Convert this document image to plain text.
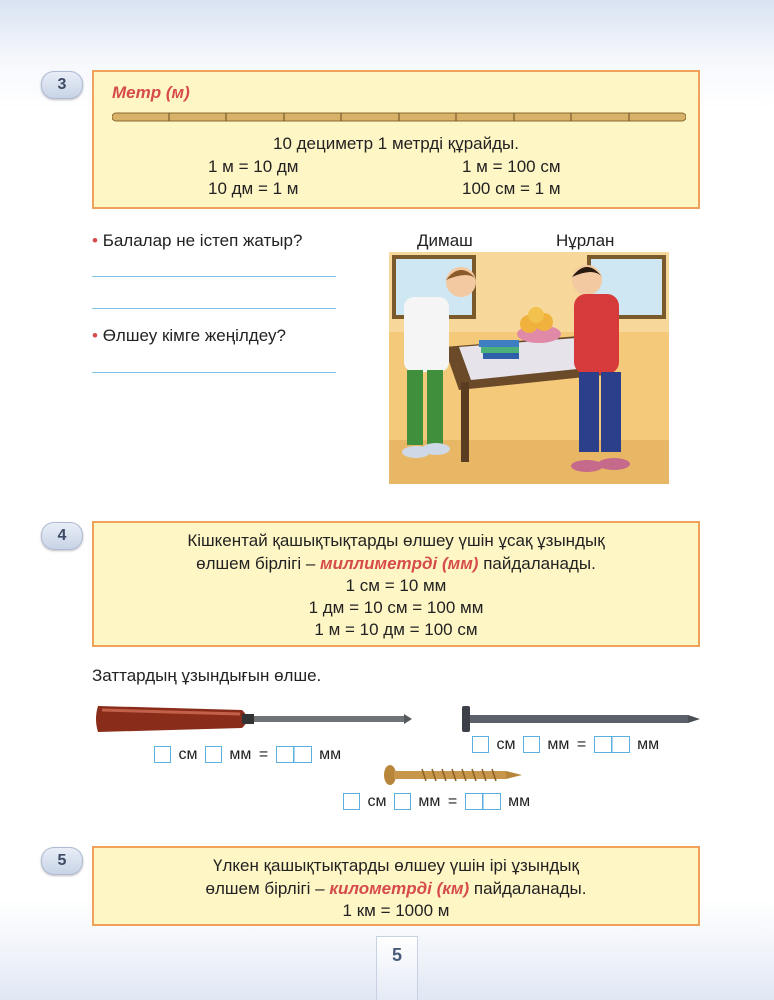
3	Метр (м)
10 дециметр 1 метрді құрайды.
1 м = 10 дм	1 м = 100 см
10 дм = 1 м	100 см = 1 м
• Балалар не істеп жатыр?
• Өлшеу кімге жеңілдеу?
Димаш	Нұрлан
4	Кішкентай қашықтықтарды өлшеу үшін ұсақ ұзындық
өлшем бірлігі – миллиметрді (мм) пайдаланады.
1 см = 10 мм
1 дм = 10 см = 100 мм
1 м = 10 дм = 100 см
Заттардың ұзындығын өлше.
см мм =	мм
см мм =	мм
см мм =	мм
5	Үлкен қашықтықтарды өлшеу үшін ірі ұзындық
өлшем бірлігі – километрді (км) пайдаланады.
1 км = 1000 м
5
